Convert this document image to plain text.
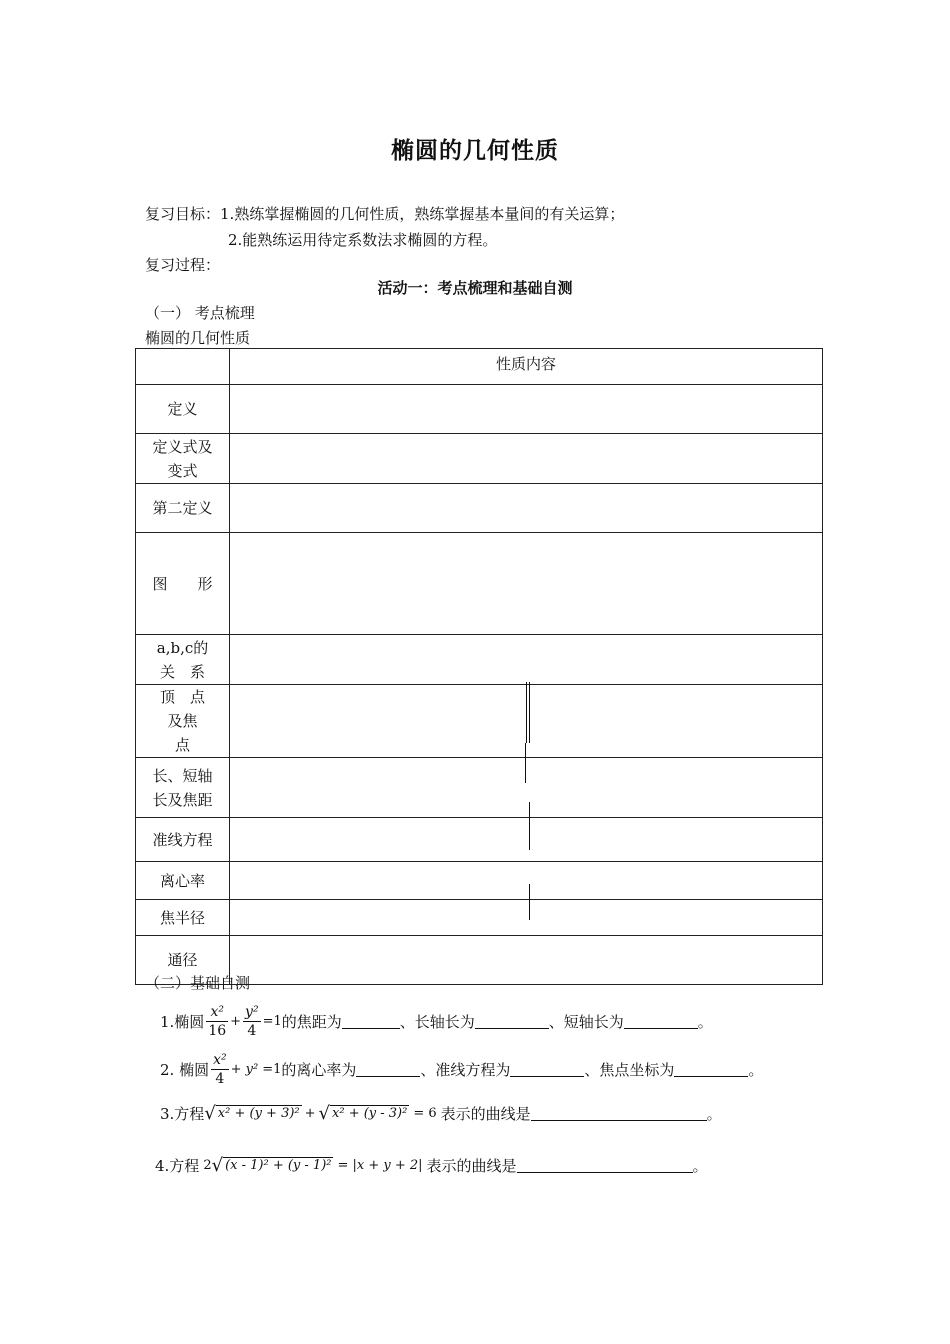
椭圆的几何性质
复习目标：1.熟练掌握椭圆的几何性质，熟练掌握基本量间的有关运算；
2.能熟练运用待定系数法求椭圆的方程。
复习过程：
活动一：考点梳理和基础自测
（一） 考点梳理
椭圆的几何性质
	性质内容
定义	
定义式及变式	
第二定义	
图　　形	
a,b,c的关　系	
顶　点　及焦　　点	
长、短轴长及焦距	
准线方程	
离心率	
焦半径	
通径	
（二）基础自测
1.椭圆 $\frac{\text{x²}}{16} + \frac{\text{y²}}{4} =1$ 的焦距为	、长轴长为	、短轴长为	。
2. 椭圆 $\frac{\text{x²}}{4} + y^2 =1$ 的离心率为	、准线方程为	、焦点坐标为	。
3.方程 √ x² + (y + 3)² + √ x² + (y - 3)² = 6 表示的曲线是	。
4.方程 2 √ (x - 1)² + (y - 1)² = |x + y + 2| 表示的曲线是	。
